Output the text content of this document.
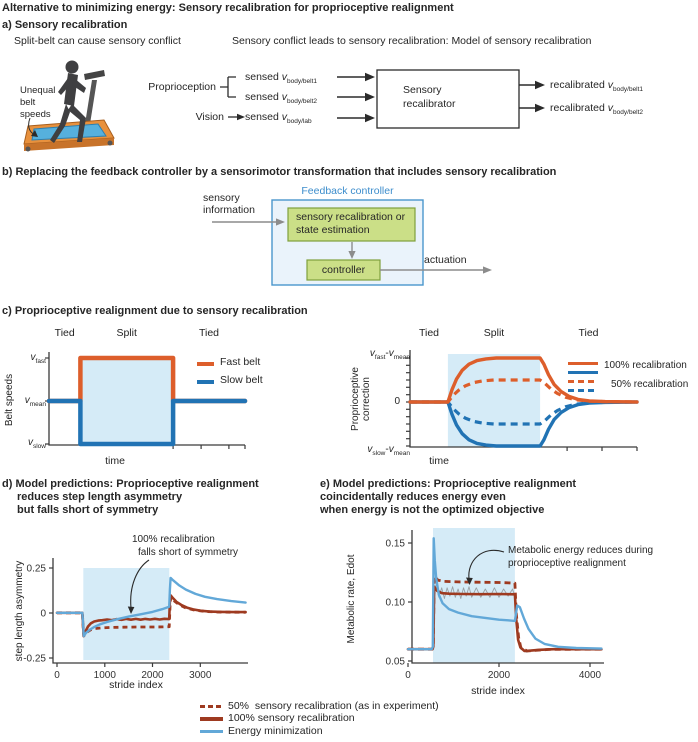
Tied	Split	Tied	Tied	Split	Tied
0	1000	2000	3000
0.25
0
-0.25
0	2000	4000
0.15
0.10
0.05
Alternative to minimizing energy: Sensory recalibration for proprioceptive realignment
a) Sensory recalibration
Split-belt can cause sensory conflict	Sensory conflict leads to sensory recalibration: Model of sensory recalibration
Unequal
belt
speeds
Proprioception
Vision
sensed $v_{body/belt1}$
sensed $v_{body/belt2}$
sensed $v_{body/lab}$
Sensory
recalibrator
recalibrated $v_{body/belt1}$
recalibrated $v_{body/belt2}$
b) Replacing the feedback controller by a sensorimotor transformation that includes sensory recalibration
sensory
information
Feedback controller
sensory recalibration or
state estimation
controller
actuation
c) Proprioceptive realignment due to sensory recalibration
$v_{fast}$
$v_{mean}$
$v_{slow}$
Belt speeds
time
Fast belt
Slow belt
$v_{fast}-v_{mean}$
0
$v_{slow}-v_{mean}$
Proprioceptive correction
time
100% recalibration
50% recalibration
d) Model predictions: Proprioceptive realignment
reduces step length asymmetry
but falls short of symmetry
100% recalibration
falls short of symmetry
step length asymmetry
stride index
e) Model predictions: Proprioceptive realignment
coincidentally reduces energy even
when energy is not the optimized objective
Metabolic energy reduces during
proprioceptive realignment
Metabolic rate, Edot
stride index
50%  sensory recalibration (as in experiment)
100% sensory recalibration
Energy minimization
